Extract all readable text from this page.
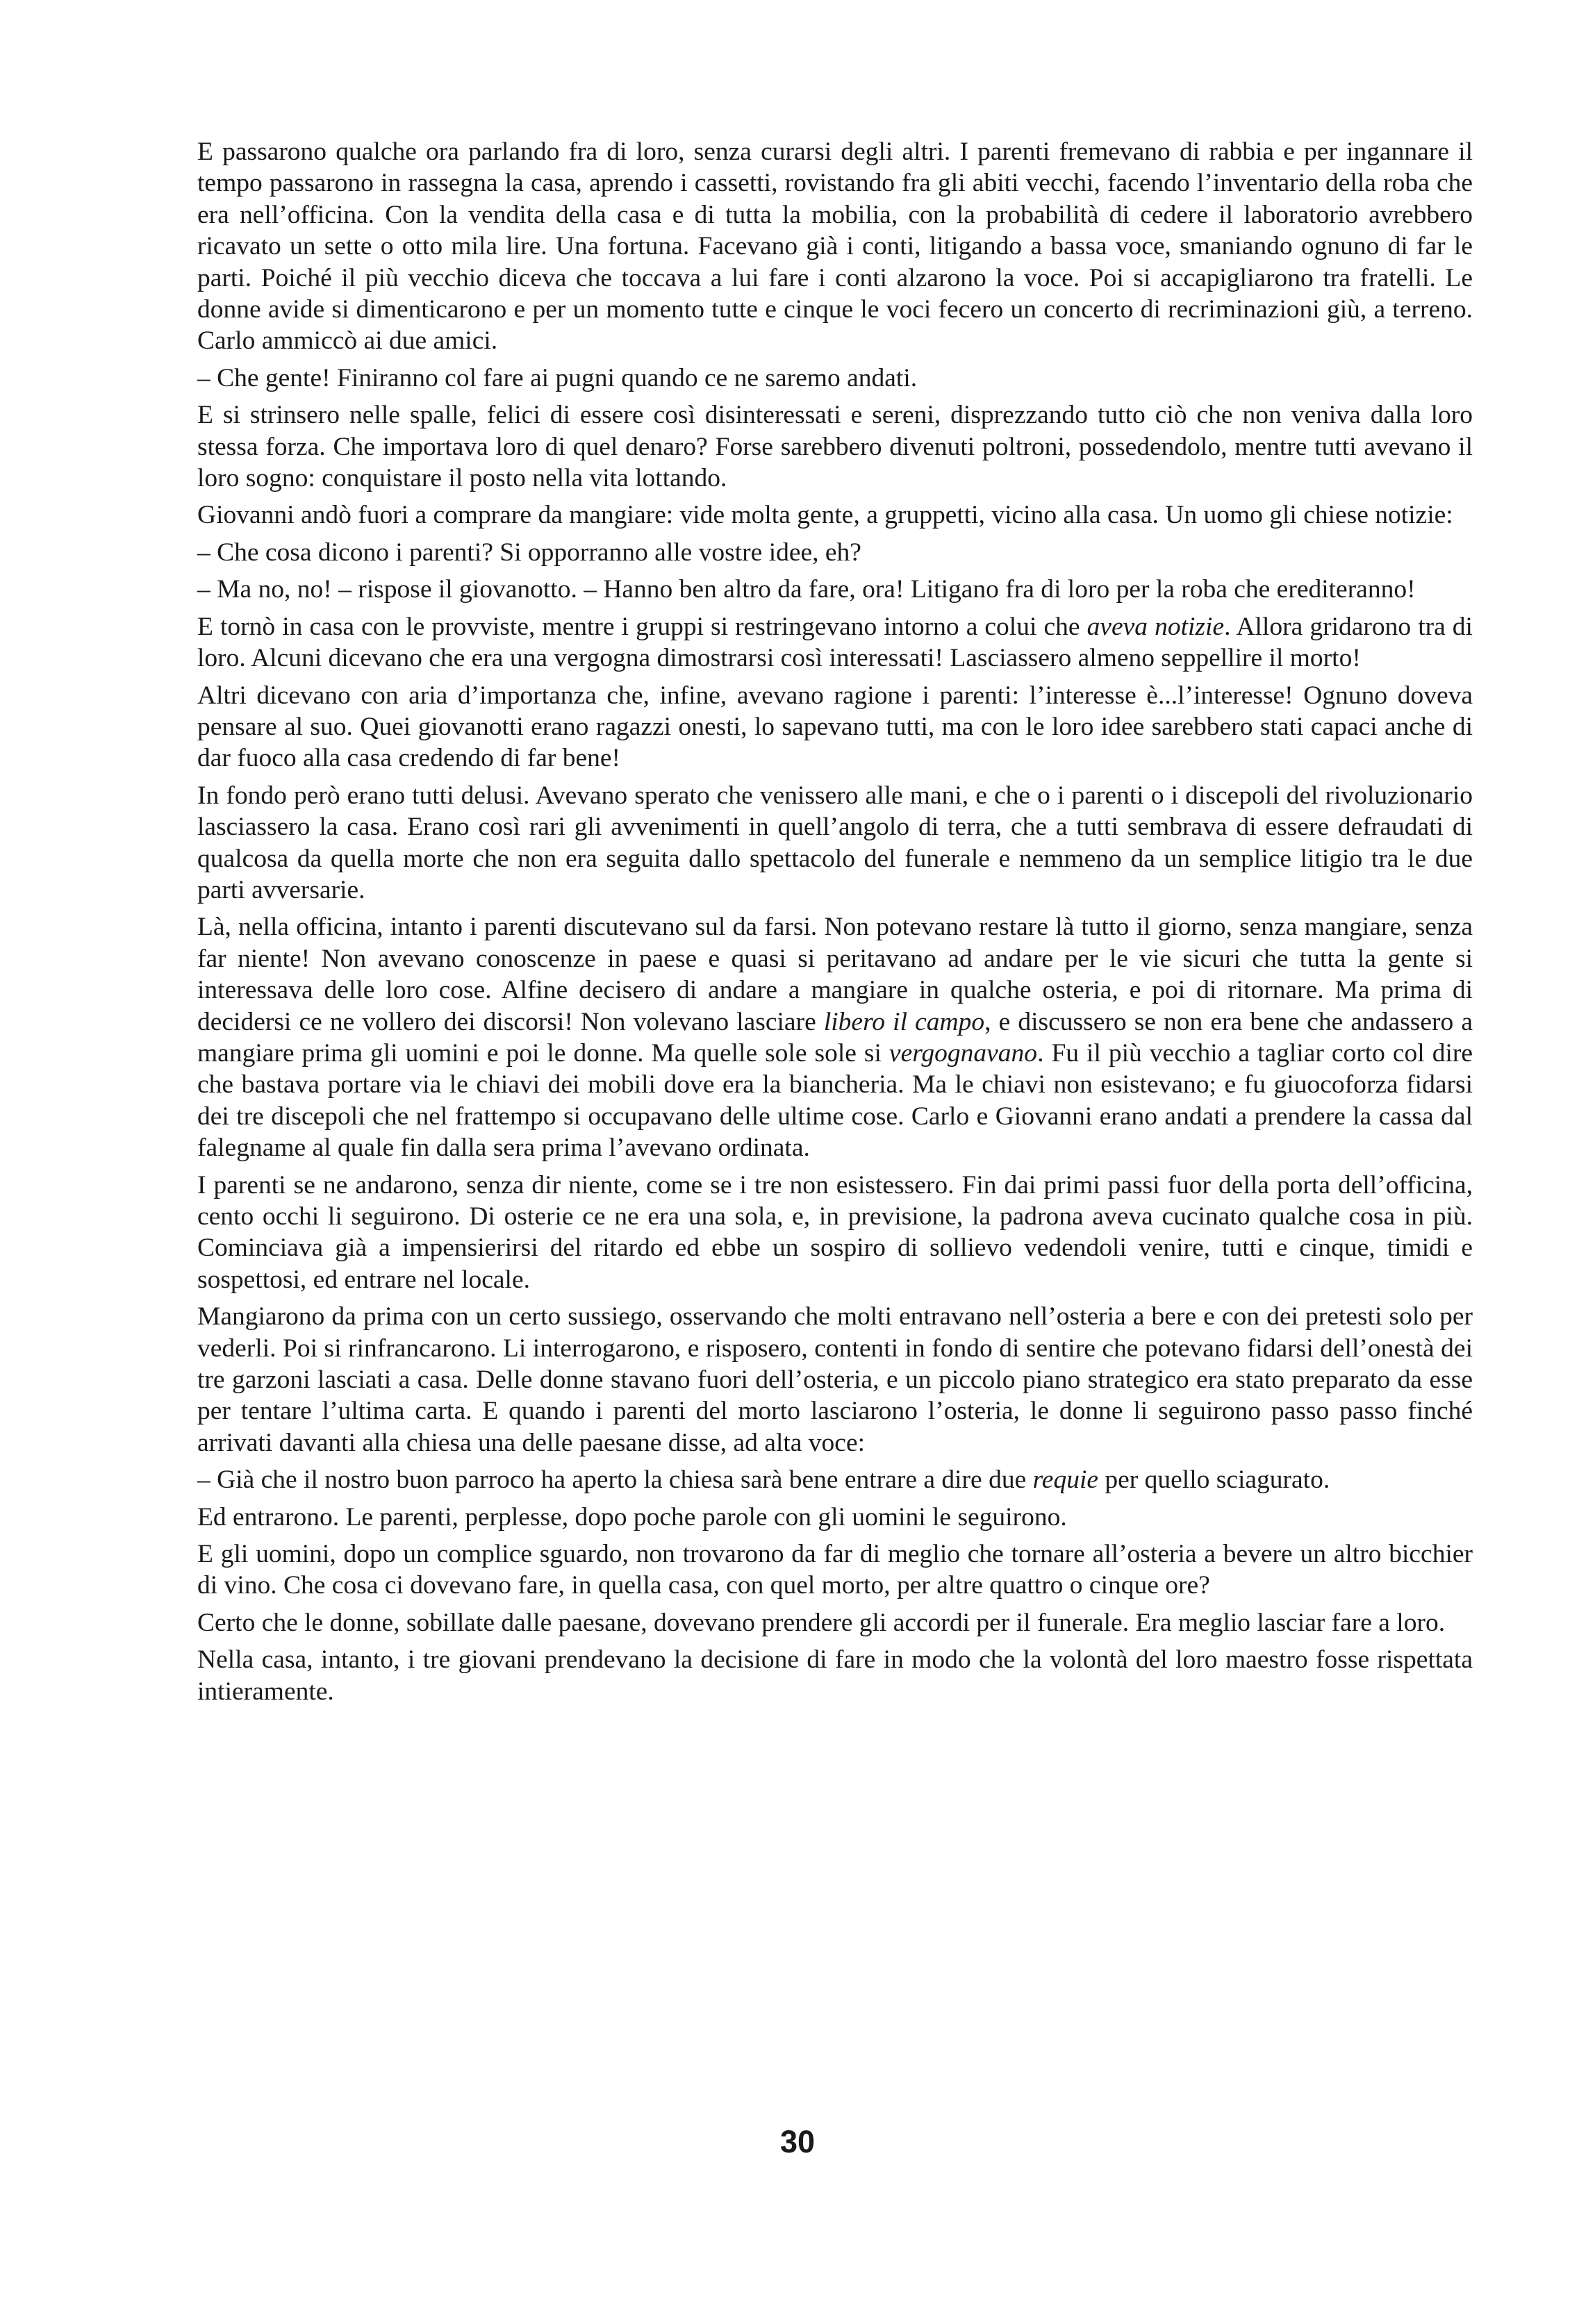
E passarono qualche ora parlando fra di loro, senza curarsi degli altri. I parenti fremevano di rabbia e per ingannare il tempo passarono in rassegna la casa, aprendo i cassetti, rovistando fra gli abiti vecchi, facendo l’inventario della roba che era nell’officina. Con la vendita della casa e di tutta la mobilia, con la probabilità di cedere il laboratorio avrebbero ricavato un sette o otto mila lire. Una fortuna. Facevano già i conti, litigando a bassa voce, smaniando ognuno di far le parti. Poiché il più vecchio diceva che toccava a lui fare i conti alzarono la voce. Poi si accapigliarono tra fratelli. Le donne avide si dimenticarono e per un momento tutte e cinque le voci fecero un concerto di recriminazioni giù, a terreno. Carlo ammiccò ai due amici.

– Che gente! Finiranno col fare ai pugni quando ce ne saremo andati.

E si strinsero nelle spalle, felici di essere così disinteressati e sereni, disprezzando tutto ciò che non veniva dalla loro stessa forza. Che importava loro di quel denaro? Forse sarebbero divenuti poltroni, possedendolo, mentre tutti avevano il loro sogno: conquistare il posto nella vita lottando.

Giovanni andò fuori a comprare da mangiare: vide molta gente, a gruppetti, vicino alla casa. Un uomo gli chiese notizie:

– Che cosa dicono i parenti? Si opporranno alle vostre idee, eh?

– Ma no, no! – rispose il giovanotto. – Hanno ben altro da fare, ora! Litigano fra di loro per la roba che erediteranno!

E tornò in casa con le provviste, mentre i gruppi si restringevano intorno a colui che aveva notizie. Allora gridarono tra di loro. Alcuni dicevano che era una vergogna dimostrarsi così interessati! Lasciassero almeno seppellire il morto!

Altri dicevano con aria d’importanza che, infine, avevano ragione i parenti: l’interesse è...l’interesse! Ognuno doveva pensare al suo. Quei giovanotti erano ragazzi onesti, lo sapevano tutti, ma con le loro idee sarebbero stati capaci anche di dar fuoco alla casa credendo di far bene!

In fondo però erano tutti delusi. Avevano sperato che venissero alle mani, e che o i parenti o i discepoli del rivoluzionario lasciassero la casa. Erano così rari gli avvenimenti in quell’angolo di terra, che a tutti sembrava di essere defraudati di qualcosa da quella morte che non era seguita dallo spettacolo del funerale e nemmeno da un semplice litigio tra le due parti avversarie.

Là, nella officina, intanto i parenti discutevano sul da farsi. Non potevano restare là tutto il giorno, senza mangiare, senza far niente! Non avevano conoscenze in paese e quasi si peritavano ad andare per le vie sicuri che tutta la gente si interessava delle loro cose. Alfine decisero di andare a mangiare in qualche osteria, e poi di ritornare. Ma prima di decidersi ce ne vollero dei discorsi! Non volevano lasciare libero il campo, e discussero se non era bene che andassero a mangiare prima gli uomini e poi le donne. Ma quelle sole sole si vergognavano. Fu il più vecchio a tagliar corto col dire che bastava portare via le chiavi dei mobili dove era la biancheria. Ma le chiavi non esistevano; e fu giuocoforza fidarsi dei tre discepoli che nel frattempo si occupavano delle ultime cose. Carlo e Giovanni erano andati a prendere la cassa dal falegname al quale fin dalla sera prima l’avevano ordinata.

I parenti se ne andarono, senza dir niente, come se i tre non esistessero. Fin dai primi passi fuor della porta dell’officina, cento occhi li seguirono. Di osterie ce ne era una sola, e, in previsione, la padrona aveva cucinato qualche cosa in più. Cominciava già a impensierirsi del ritardo ed ebbe un sospiro di sollievo vedendoli venire, tutti e cinque, timidi e sospettosi, ed entrare nel locale.

Mangiarono da prima con un certo sussiego, osservando che molti entravano nell’osteria a bere e con dei pretesti solo per vederli. Poi si rinfrancarono. Li interrogarono, e risposero, contenti in fondo di sentire che potevano fidarsi dell’onestà dei tre garzoni lasciati a casa. Delle donne stavano fuori dell’osteria, e un piccolo piano strategico era stato preparato da esse per tentare l’ultima carta. E quando i parenti del morto lasciarono l’osteria, le donne li seguirono passo passo finché arrivati davanti alla chiesa una delle paesane disse, ad alta voce:

– Già che il nostro buon parroco ha aperto la chiesa sarà bene entrare a dire due requie per quello sciagurato.

Ed entrarono. Le parenti, perplesse, dopo poche parole con gli uomini le seguirono.

E gli uomini, dopo un complice sguardo, non trovarono da far di meglio che tornare all’osteria a bevere un altro bicchier di vino. Che cosa ci dovevano fare, in quella casa, con quel morto, per altre quattro o cinque ore?

Certo che le donne, sobillate dalle paesane, dovevano prendere gli accordi per il funerale. Era meglio lasciar fare a loro.

Nella casa, intanto, i tre giovani prendevano la decisione di fare in modo che la volontà del loro maestro fosse rispettata intieramente.

30
